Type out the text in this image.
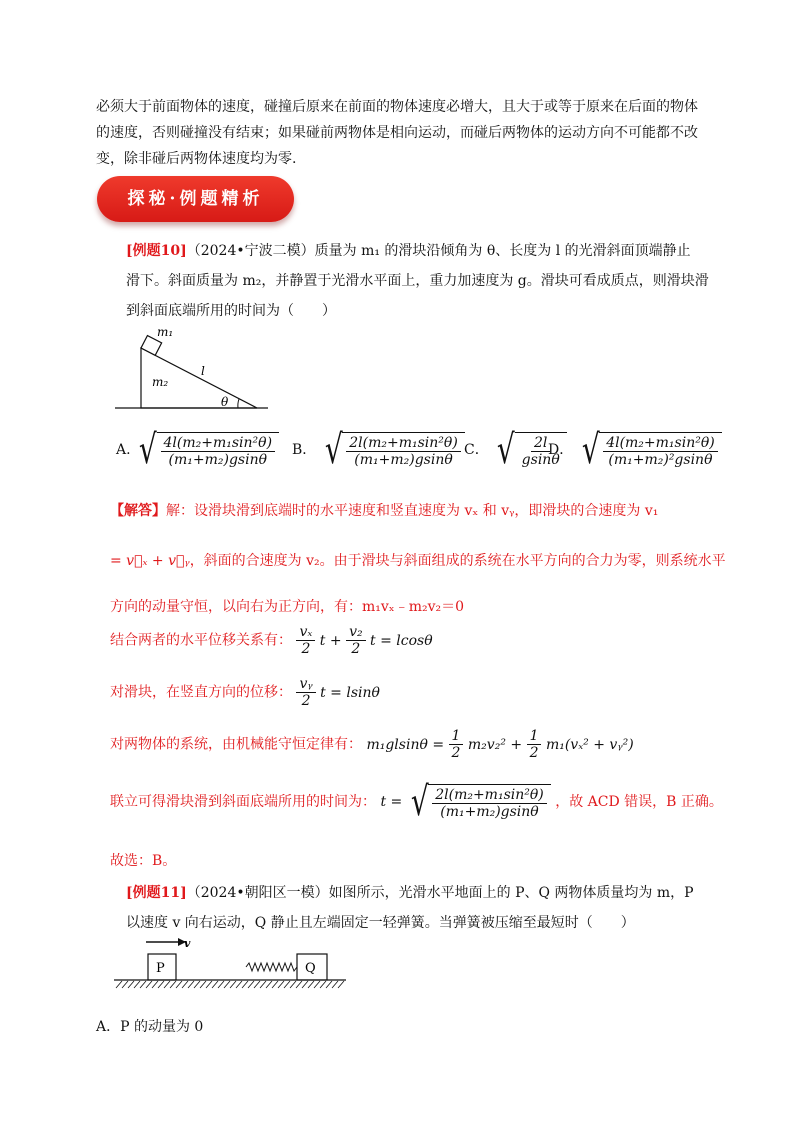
必须大于前面物体的速度，碰撞后原来在前面的物体速度必增大，且大于或等于原来在后面的物体
的速度，否则碰撞没有结束；如果碰前两物体是相向运动，而碰后两物体的运动方向不可能都不改
变，除非碰后两物体速度均为零.
探秘·例题精析
[例题10]（2024•宁波二模）质量为 m₁ 的滑块沿倾角为 θ、长度为 l 的光滑斜面顶端静止
滑下。斜面质量为 m₂，并静置于光滑水平面上，重力加速度为 g。滑块可看成质点，则滑块滑
到斜面底端所用的时间为（　　）
m₁
m₂
l
θ
A. √ $\frac{\text{4l(m₂+m₁sin²θ)}}{\text{(m₁+m₂)gsinθ}}$ B． √ $\frac{\text{2l(m₂+m₁sin²θ)}}{\text{(m₁+m₂)gsinθ}}$ C． √ $\frac{2l}{gsin\theta}$
D． √ $\frac{\text{4l(m₂+m₁sin²θ)}}{\text{(m₁+m₂)²gsinθ}}$
【解答】解：设滑块滑到底端时的水平速度和竖直速度为 vₓ 和 vᵧ，即滑块的合速度为 v₁
= v⃗ₓ + v⃗ᵧ，斜面的合速度为 v₂。由于滑块与斜面组成的系统在水平方向的合力为零，则系统水平
方向的动量守恒，以向右为正方向，有：m₁vₓ﹣m₂v₂＝0
结合两者的水平位移关系有： $\frac{\text{vₓ}}{2}$ $t + \frac{\text{v₂}}{2}$ t = lcosθ
对滑块，在竖直方向的位移： $\frac{\text{vᵧ}}{2}$ t = lsinθ
对两物体的系统，由机械能守恒定律有： $m_1glsin\theta = \frac{1}{2} m_2v_2^2 + \frac{1}{2} m_1(v_x^2$ + vᵧ²)
联立可得滑块滑到斜面底端所用的时间为： t = √ $\frac{\text{2l(m₂+m₁sin²θ)}}{\text{(m₁+m₂)gsinθ}}$ ，故 ACD 错误，B 正确。
故选：B。
[例题11]（2024•朝阳区一模）如图所示，光滑水平地面上的 P、Q 两物体质量均为 m，P
以速度 v 向右运动，Q 静止且左端固定一轻弹簧。当弹簧被压缩至最短时（　　）
v
P	Q
A．P 的动量为 0
